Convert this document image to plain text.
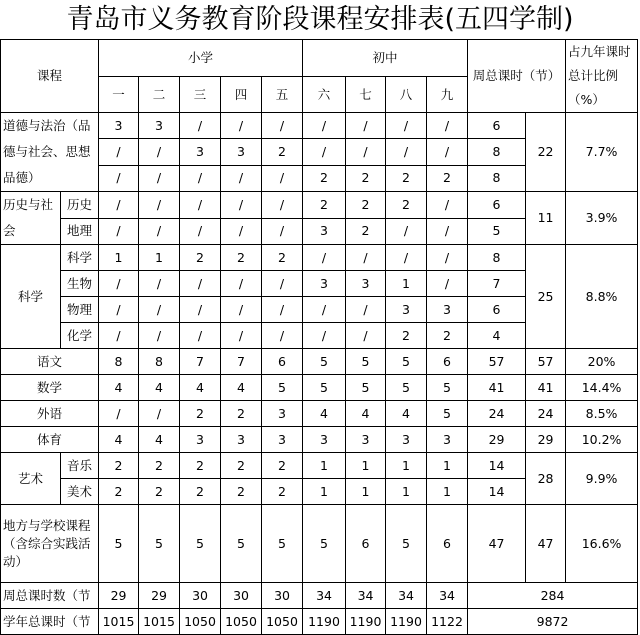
青岛市义务教育阶段课程安排表(五四学制)
课程		小学					初中				周总课时（节）		占九年课时总计比例（%）
		一	二	三	四	五	六	七	八	九			
道德与法治（品德与社会、思想品德）		3	3	/	/	/	/	/	/	/	6	22	7.7%
		/	/	3	3	2	/	/	/	/	8		
		/	/	/	/	/	2	2	2	2	8		
历史与社会	历史	/	/	/	/	/	2	2	2	/	6	11	3.9%
	地理	/	/	/	/	/	3	2	/	/	5		
科学	科学	1	1	2	2	2	/	/	/	/	8	25	8.8%
	生物	/	/	/	/	/	3	3	1	/	7		
	物理	/	/	/	/	/	/	/	3	3	6		
	化学	/	/	/	/	/	/	/	2	2	4		
语文		8	8	7	7	6	5	5	5	6	57	57	20%
数学		4	4	4	4	5	5	5	5	5	41	41	14.4%
外语		/	/	2	2	3	4	4	4	5	24	24	8.5%
体育		4	4	3	3	3	3	3	3	3	29	29	10.2%
艺术	音乐	2	2	2	2	2	1	1	1	1	14	28	9.9%
	美术	2	2	2	2	2	1	1	1	1	14		
地方与学校课程（含综合实践活动）		5	5	5	5	5	5	6	5	6	47	47	16.6%
周总课时数（节		29	29	30	30	30	34	34	34	34	284		
学年总课时（节		1015	1015	1050	1050	1050	1190	1190	1190	1122	9872		
